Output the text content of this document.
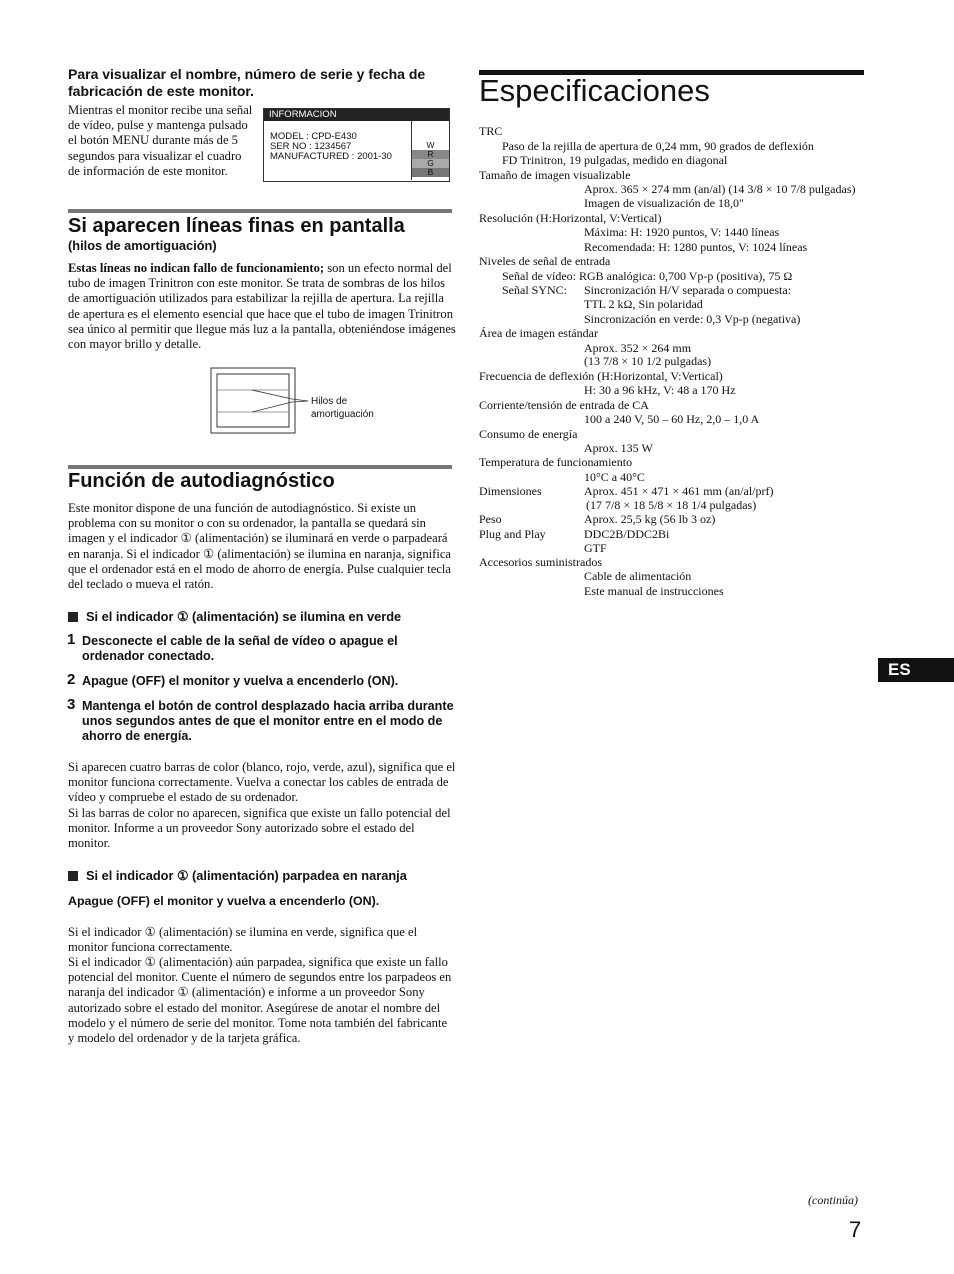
Para visualizar el nombre, número de serie y fecha de fabricación de este monitor.
Mientras el monitor recibe una señal de vídeo, pulse y mantenga pulsado el botón MENU durante más de 5 segundos para visualizar el cuadro de información de este monitor.
INFORMACION
MODEL : CPD-E430
SER NO : 1234567
MANUFACTURED : 2001-30
W
R
G
B
Si aparecen líneas finas en pantalla
(hilos de amortiguación)
Estas líneas no indican fallo de funcionamiento; son un efecto normal del tubo de imagen Trinitron con este monitor. Se trata de sombras de los hilos de amortiguación utilizados para estabilizar la rejilla de apertura. La rejilla de apertura es el elemento esencial que hace que el tubo de imagen Trinitron sea único al permitir que llegue más luz a la pantalla, obteniéndose imágenes con mayor brillo y detalle.
Hilos de
amortiguación
Función de autodiagnóstico
Este monitor dispone de una función de autodiagnóstico. Si existe un problema con su monitor o con su ordenador, la pantalla se quedará sin imagen y el indicador ① (alimentación) se iluminará en verde o parpadeará en naranja. Si el indicador ① (alimentación) se ilumina en naranja, significa que el ordenador está en el modo de ahorro de energía. Pulse cualquier tecla del teclado o mueva el ratón.
Si el indicador ① (alimentación) se ilumina en verde
1 Desconecte el cable de la señal de vídeo o apague el ordenador conectado.
2 Apague (OFF) el monitor y vuelva a encenderlo (ON).
3 Mantenga el botón de control desplazado hacia arriba durante unos segundos antes de que el monitor entre en el modo de ahorro de energía.
Si aparecen cuatro barras de color (blanco, rojo, verde, azul), significa que el monitor funciona correctamente. Vuelva a conectar los cables de entrada de vídeo y compruebe el estado de su ordenador.
Si las barras de color no aparecen, significa que existe un fallo potencial del monitor. Informe a un proveedor Sony autorizado sobre el estado del monitor.
Si el indicador ① (alimentación) parpadea en naranja
Apague (OFF) el monitor y vuelva a encenderlo (ON).
Si el indicador ① (alimentación) se ilumina en verde, significa que el monitor funciona correctamente.
Si el indicador ① (alimentación) aún parpadea, significa que existe un fallo potencial del monitor. Cuente el número de segundos entre los parpadeos en naranja del indicador ① (alimentación) e informe a un proveedor Sony autorizado sobre el estado del monitor. Asegúrese de anotar el nombre del modelo y el número de serie del monitor. Tome nota también del fabricante y modelo del ordenador y de la tarjeta gráfica.
Especificaciones
TRC
Paso de la rejilla de apertura de 0,24 mm, 90 grados de deflexión
FD Trinitron, 19 pulgadas, medido en diagonal
Tamaño de imagen visualizable
Aprox. 365 × 274 mm (an/al) (14 3/8 × 10 7/8 pulgadas)
Imagen de visualización de 18,0"
Resolución (H:Horizontal, V:Vertical)
Máxima: H: 1920 puntos, V: 1440 líneas
Recomendada: H: 1280 puntos, V: 1024 líneas
Niveles de señal de entrada
Señal de vídeo: RGB analógica: 0,700 Vp-p (positiva), 75 Ω
Señal SYNC: Sincronización H/V separada o compuesta:
TTL 2 kΩ, Sin polaridad
Sincronización en verde: 0,3 Vp-p (negativa)
Área de imagen estándar
Aprox. 352 × 264 mm
(13 7/8 × 10 1/2 pulgadas)
Frecuencia de deflexión (H:Horizontal, V:Vertical)
H: 30 a 96 kHz, V: 48 a 170 Hz
Corriente/tensión de entrada de CA
100 a 240 V, 50 – 60 Hz, 2,0 – 1,0 A
Consumo de energía
Aprox. 135 W
Temperatura de funcionamiento
10°C a 40°C
Dimensiones	Aprox. 451 × 471 × 461 mm (an/al/prf)
(17 7/8 × 18 5/8 × 18 1/4 pulgadas)
Peso	Aprox. 25,5 kg (56 lb 3 oz)
Plug and Play	DDC2B/DDC2Bi
GTF
Accesorios suministrados
Cable de alimentación
Este manual de instrucciones
ES
(continúa)
7
